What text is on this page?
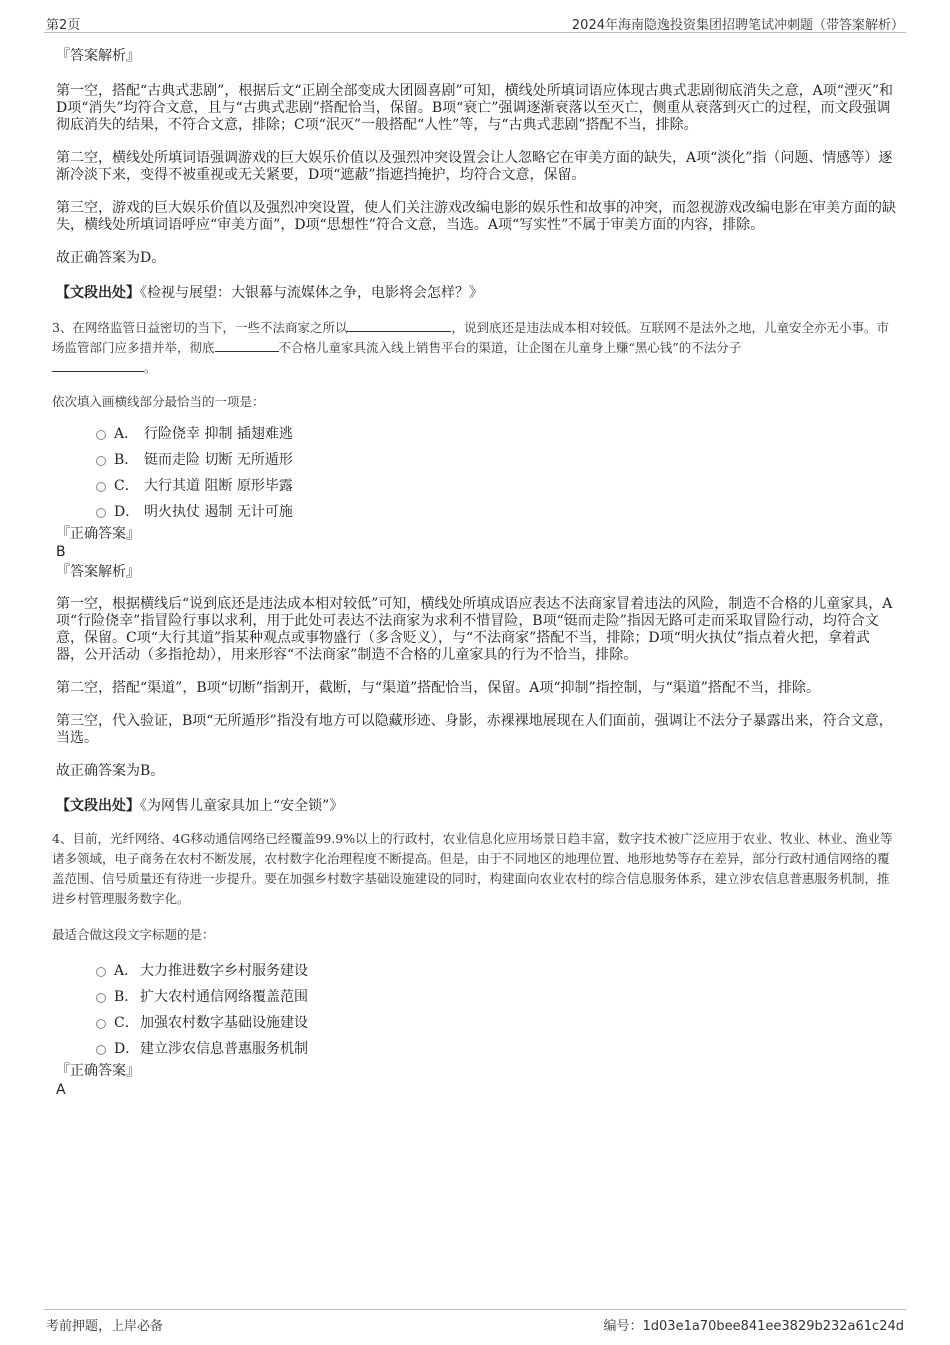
第2页	2024年海南隐逸投资集团招聘笔试冲刺题（带答案解析）

『答案解析』

第一空，搭配“古典式悲剧”，根据后文“正剧全部变成大团圆喜剧”可知，横线处所填词语应体现古典式悲剧彻底消失之意，A项“湮灭”和D项“消失”均符合文意，且与“古典式悲剧”搭配恰当，保留。B项“衰亡”强调逐渐衰落以至灭亡，侧重从衰落到灭亡的过程，而文段强调彻底消失的结果，不符合文意，排除；C项“泯灭”一般搭配“人性”等，与“古典式悲剧”搭配不当，排除。

第二空，横线处所填词语强调游戏的巨大娱乐价值以及强烈冲突设置会让人忽略它在审美方面的缺失，A项“淡化”指（问题、情感等）逐渐冷淡下来，变得不被重视或无关紧要，D项“遮蔽”指遮挡掩护，均符合文意，保留。

第三空，游戏的巨大娱乐价值以及强烈冲突设置，使人们关注游戏改编电影的娱乐性和故事的冲突，而忽视游戏改编电影在审美方面的缺失，横线处所填词语呼应“审美方面”，D项“思想性”符合文意，当选。A项“写实性”不属于审美方面的内容，排除。

故正确答案为D。

【文段出处】《检视与展望：大银幕与流媒体之争，电影将会怎样？》

3、在网络监管日益密切的当下，一些不法商家之所以	，说到底还是违法成本相对较低。互联网不是法外之地，儿童安全亦无小事。市场监管部门应多措并举，彻底	不合格儿童家具流入线上销售平台的渠道，让企图在儿童身上赚“黑心钱”的不法分子
。

依次填入画横线部分最恰当的一项是：

A． 行险侥幸 抑制 插翅难逃
B． 铤而走险 切断 无所遁形
C． 大行其道 阻断 原形毕露
D． 明火执仗 遏制 无计可施

『正确答案』

B

『答案解析』

第一空，根据横线后“说到底还是违法成本相对较低”可知，横线处所填成语应表达不法商家冒着违法的风险，制造不合格的儿童家具，A项“行险侥幸”指冒险行事以求利，用于此处可表达不法商家为求利不惜冒险，B项“铤而走险”指因无路可走而采取冒险行动，均符合文意，保留。C项“大行其道”指某种观点或事物盛行（多含贬义），与“不法商家”搭配不当，排除；D项“明火执仗”指点着火把，拿着武器，公开活动（多指抢劫），用来形容“不法商家”制造不合格的儿童家具的行为不恰当，排除。

第二空，搭配“渠道”，B项“切断”指割开，截断，与“渠道”搭配恰当，保留。A项“抑制”指控制，与“渠道”搭配不当，排除。

第三空，代入验证，B项“无所遁形”指没有地方可以隐藏形迹、身影，赤裸裸地展现在人们面前，强调让不法分子暴露出来，符合文意，当选。

故正确答案为B。

【文段出处】《为网售儿童家具加上“安全锁”》

4、目前，光纤网络、4G移动通信网络已经覆盖99.9%以上的行政村，农业信息化应用场景日趋丰富，数字技术被广泛应用于农业、牧业、林业、渔业等诸多领域，电子商务在农村不断发展，农村数字化治理程度不断提高。但是，由于不同地区的地理位置、地形地势等存在差异，部分行政村通信网络的覆盖范围、信号质量还有待进一步提升。要在加强乡村数字基础设施建设的同时，构建面向农业农村的综合信息服务体系，建立涉农信息普惠服务机制，推进乡村管理服务数字化。

最适合做这段文字标题的是：

A． 大力推进数字乡村服务建设
B． 扩大农村通信网络覆盖范围
C． 加强农村数字基础设施建设
D． 建立涉农信息普惠服务机制

『正确答案』

A

考前押题，上岸必备	编号：1d03e1a70bee841ee3829b232a61c24d
